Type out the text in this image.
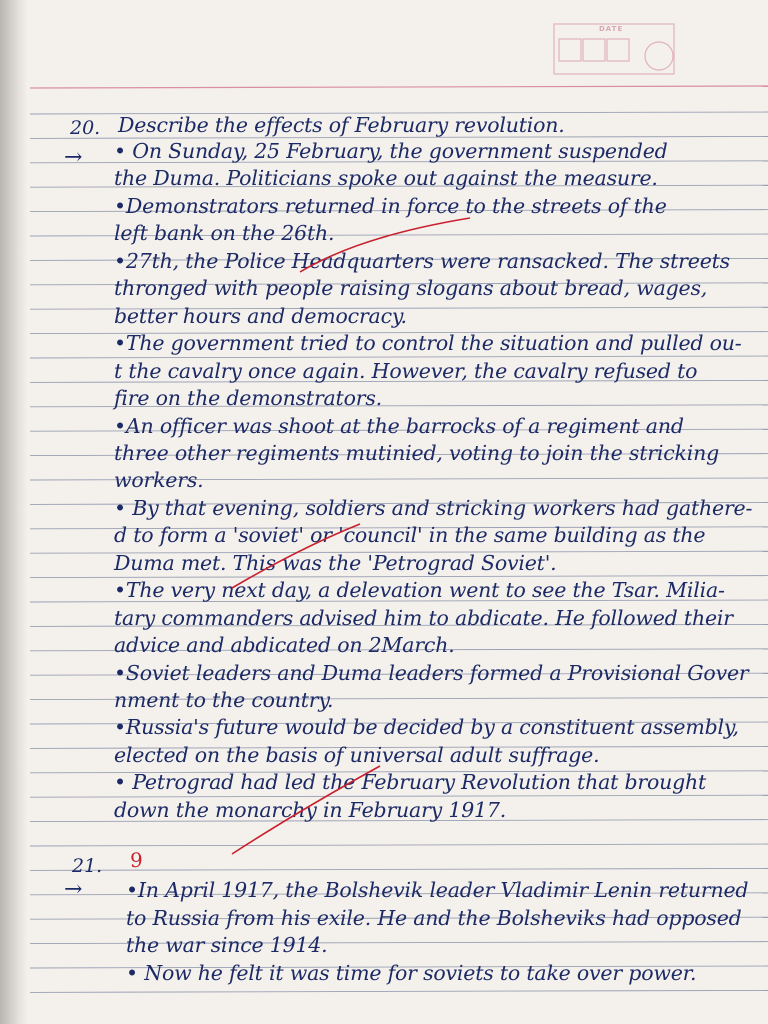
DATE
20. Describe the effects of February revolution.
→ • On Sunday, 25 February, the government suspended
the Duma. Politicians spoke out against the measure.
•Demonstrators returned in force to the streets of the
left bank on the 26th.
•27th, the Police Headquarters were ransacked. The streets
thronged with people raising slogans about bread, wages,
better hours and democracy.
•The government tried to control the situation and pulled ou-
t the cavalry once again. However, the cavalry refused to
fire on the demonstrators.
•An officer was shoot at the barrocks of a regiment and
three other regiments mutinied, voting to join the stricking
workers.
• By that evening, soldiers and stricking workers had gathere-
d to form a 'soviet' or 'council' in the same building as the
Duma met. This was the 'Petrograd Soviet'.
•The very next day, a delevation went to see the Tsar. Milia-
tary commanders advised him to abdicate. He followed their
advice and abdicated on 2March.
•Soviet leaders and Duma leaders formed a Provisional Gover
nment to the country.
•Russia's future would be decided by a constituent assembly,
elected on the basis of universal adult suffrage.
• Petrograd had led the February Revolution that brought
down the monarchy in February 1917.
21. 9
→ •In April 1917, the Bolshevik leader Vladimir Lenin returned
to Russia from his exile. He and the Bolsheviks had opposed
the war since 1914.
• Now he felt it was time for soviets to take over power.
